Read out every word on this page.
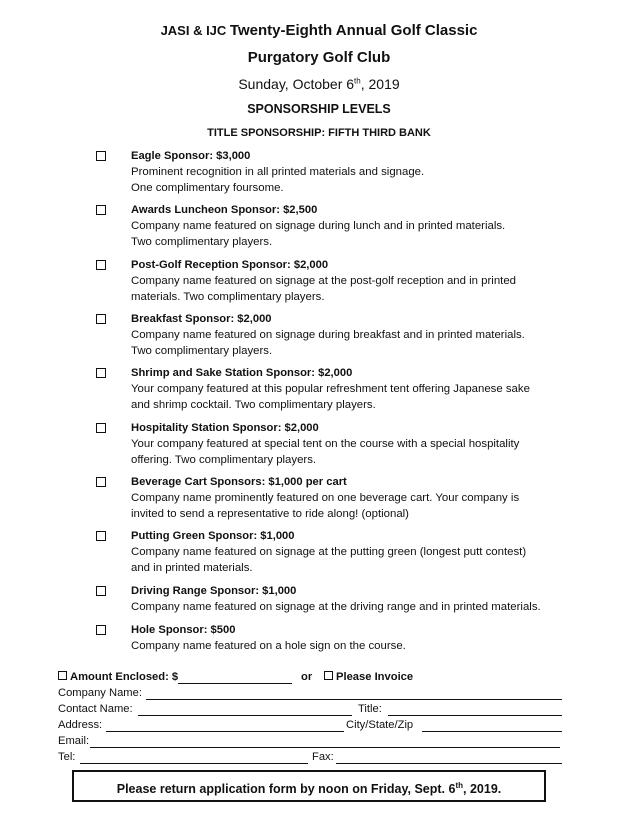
JASI & IJC Twenty-Eighth Annual Golf Classic
Purgatory Golf Club
Sunday, October 6th, 2019
SPONSORSHIP LEVELS
TITLE SPONSORSHIP: FIFTH THIRD BANK
Eagle Sponsor: $3,000
Prominent recognition in all printed materials and signage.
One complimentary foursome.
Awards Luncheon Sponsor: $2,500
Company name featured on signage during lunch and in printed materials.
Two complimentary players.
Post-Golf Reception Sponsor: $2,000
Company name featured on signage at the post-golf reception and in printed
materials. Two complimentary players.
Breakfast Sponsor: $2,000
Company name featured on signage during breakfast and in printed materials.
Two complimentary players.
Shrimp and Sake Station Sponsor: $2,000
Your company featured at this popular refreshment tent offering Japanese sake
and shrimp cocktail. Two complimentary players.
Hospitality Station Sponsor: $2,000
Your company featured at special tent on the course with a special hospitality
offering. Two complimentary players.
Beverage Cart Sponsors: $1,000 per cart
Company name prominently featured on one beverage cart. Your company is
invited to send a representative to ride along! (optional)
Putting Green Sponsor: $1,000
Company name featured on signage at the putting green (longest putt contest)
and in printed materials.
Driving Range Sponsor: $1,000
Company name featured on signage at the driving range and in printed materials.
Hole Sponsor: $500
Company name featured on a hole sign on the course.
Amount Enclosed: $	or	Please Invoice
Company Name:
Contact Name:	Title:
Address:	City/State/Zip
Email:
Tel:	Fax:
Please return application form by noon on Friday, Sept. 6th, 2019.
